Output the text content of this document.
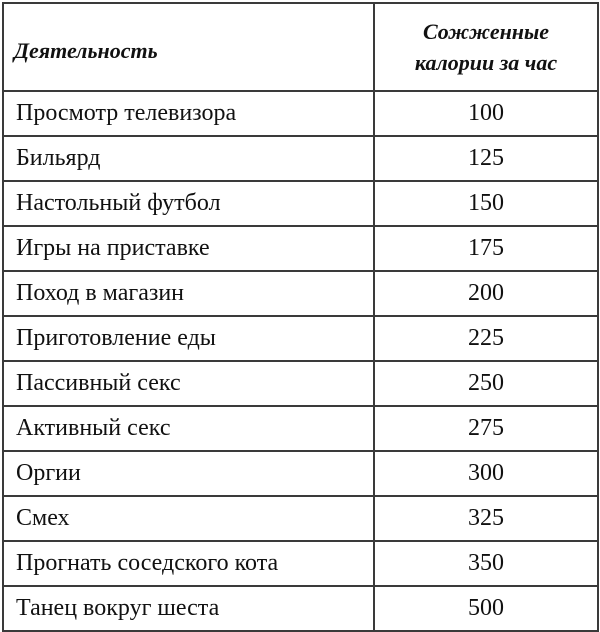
Деятельность	Сожженные
калории за час
Просмотр телевизора	100
Бильярд	125
Настольный футбол	150
Игры на приставке	175
Поход в магазин	200
Приготовление еды	225
Пассивный секс	250
Активный секс	275
Оргии	300
Смех	325
Прогнать соседского кота	350
Танец вокруг шеста	500
